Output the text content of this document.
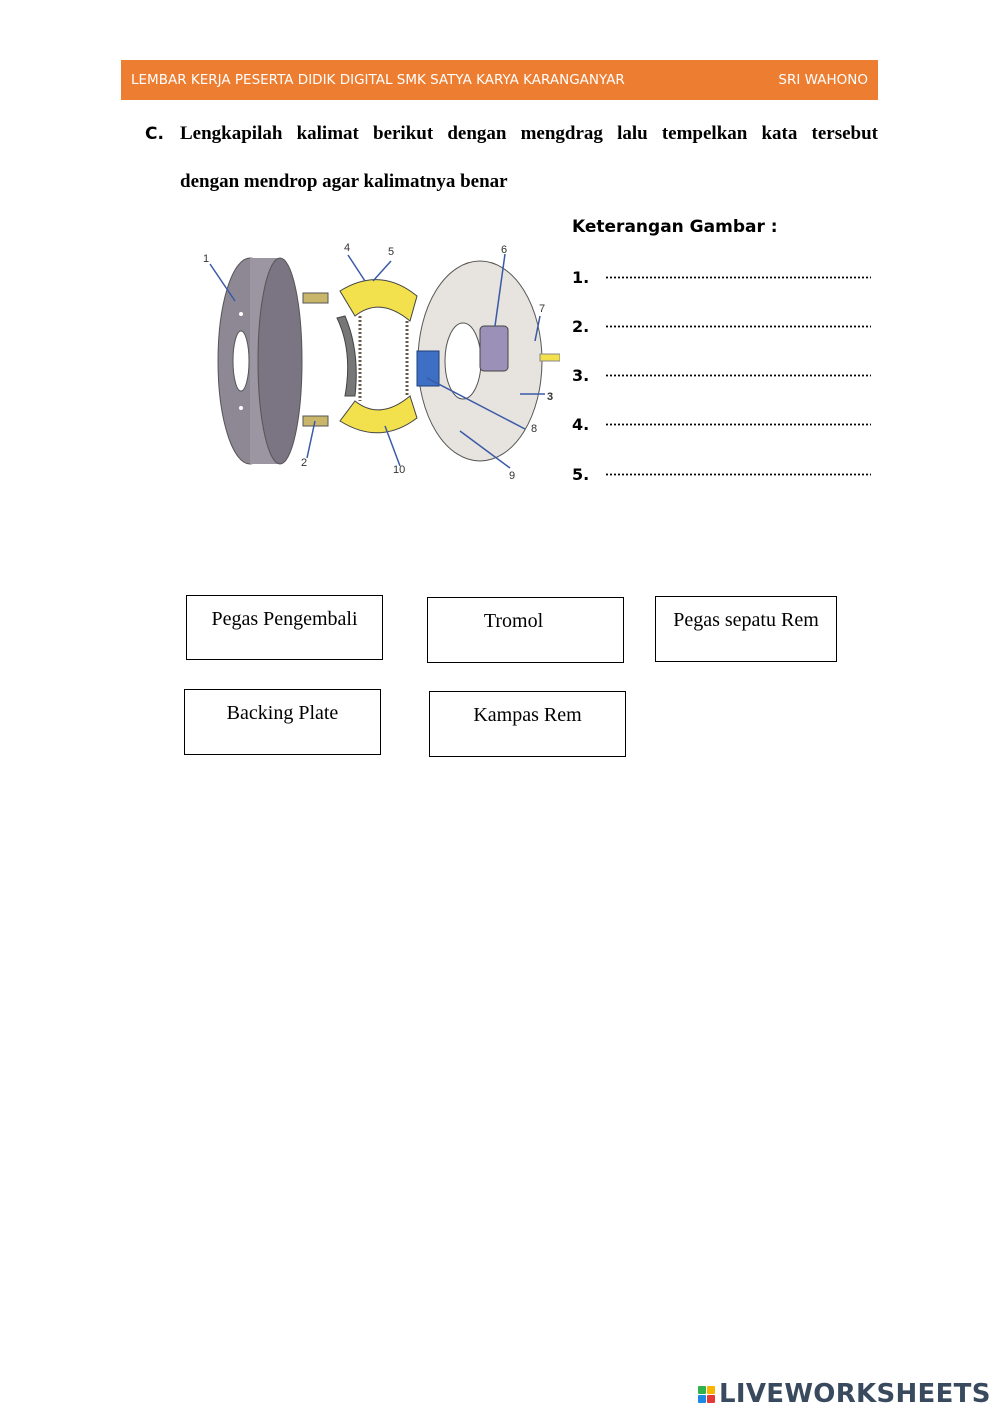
LEMBAR KERJA PESERTA DIDIK DIGITAL SMK SATYA KARYA KARANGANYAR	SRI WAHONO
C. Lengkapilah kalimat berikut dengan mengdrag lalu tempelkan kata tersebut
dengan mendrop agar kalimatnya benar
1
2
3
4	5	6
7
8
9
10
Keterangan Gambar :
1.
2.
3.
4.
5.
Pegas Pengembali	Tromol	Pegas sepatu Rem
Backing Plate	Kampas Rem
LIVEWORKSHEETS
